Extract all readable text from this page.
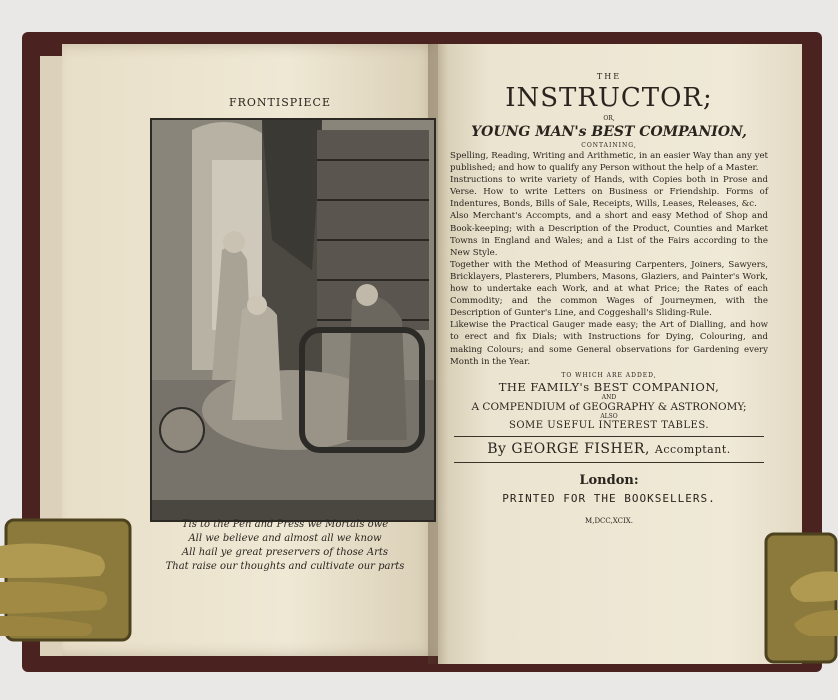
FRONTISPIECE
Tis to the Pen and Press we Mortals owe
All we believe and almost all we know
All hail ye great preservers of those Arts
That raise our thoughts and cultivate our parts
THE
INSTRUCTOR;
OR,
YOUNG MAN's BEST COMPANION,
CONTAINING,

Spelling, Reading, Writing and Arithmetic, in an easier Way than any yet published; and how to qualify any Person without the help of a Master.

Instructions to write variety of Hands, with Copies both in Prose and Verse. How to write Letters on Business or Friendship. Forms of Indentures, Bonds, Bills of Sale, Receipts, Wills, Leases, Releases, &c.

Also Merchant's Accompts, and a short and easy Method of Shop and Book-keeping; with a Description of the Product, Counties and Market Towns in England and Wales; and a List of the Fairs according to the New Style.

Together with the Method of Measuring Carpenters, Joiners, Sawyers, Bricklayers, Plasterers, Plumbers, Masons, Glaziers, and Painter's Work, how to undertake each Work, and at what Price; the Rates of each Commodity; and the common Wages of Journeymen, with the Description of Gunter's Line, and Coggeshall's Sliding-Rule.

Likewise the Practical Gauger made easy; the Art of Dialling, and how to erect and fix Dials; with Instructions for Dying, Colouring, and making Colours; and some General observations for Gardening every Month in the Year.

TO WHICH ARE ADDED,
THE FAMILY's BEST COMPANION,
AND
A COMPENDIUM of GEOGRAPHY & ASTRONOMY;
ALSO
SOME USEFUL INTEREST TABLES.
By GEORGE FISHER, Accomptant.
London:
PRINTED FOR THE BOOKSELLERS.
M,DCC,XCIX.
